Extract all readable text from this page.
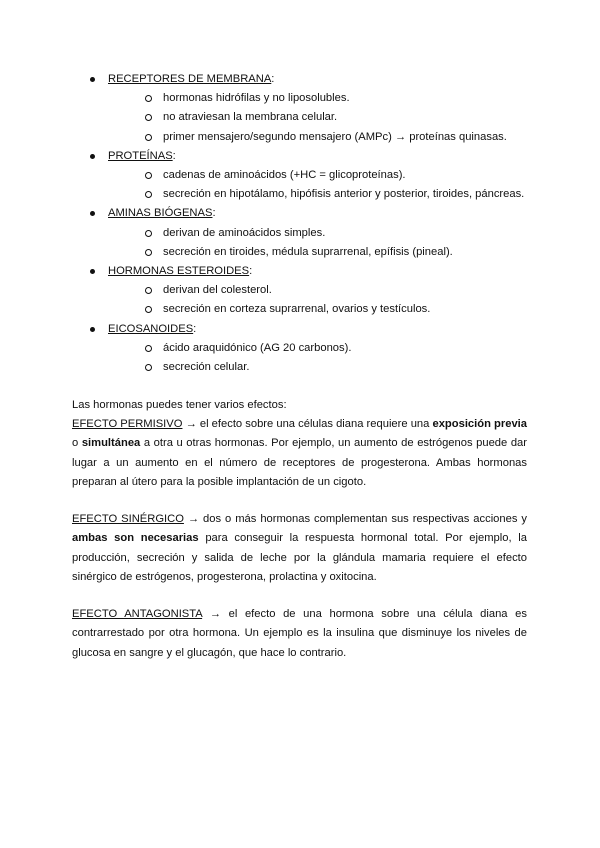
RECEPTORES DE MEMBRANA:
hormonas hidrófilas y no liposolubles.
no atraviesan la membrana celular.
primer mensajero/segundo mensajero (AMPc) → proteínas quinasas.
PROTEÍNAS:
cadenas de aminoácidos (+HC = glicoproteínas).
secreción en hipotálamo, hipófisis anterior y posterior, tiroides, páncreas.
AMINAS BIÓGENAS:
derivan de aminoácidos simples.
secreción en tiroides, médula suprarrenal, epífisis (pineal).
HORMONAS ESTEROIDES:
derivan del colesterol.
secreción en corteza suprarrenal, ovarios y testículos.
EICOSANOIDES:
ácido araquidónico (AG 20 carbonos).
secreción celular.
Las hormonas puedes tener varios efectos:
EFECTO PERMISIVO → el efecto sobre una células diana requiere una exposición previa o simultánea a otra u otras hormonas. Por ejemplo, un aumento de estrógenos puede dar lugar a un aumento en el número de receptores de progesterona. Ambas hormonas preparan al útero para la posible implantación de un cigoto.
EFECTO SINÉRGICO → dos o más hormonas complementan sus respectivas acciones y ambas son necesarias para conseguir la respuesta hormonal total. Por ejemplo, la producción, secreción y salida de leche por la glándula mamaria requiere el efecto sinérgico de estrógenos, progesterona, prolactina y oxitocina.
EFECTO ANTAGONISTA → el efecto de una hormona sobre una célula diana es contrarrestado por otra hormona. Un ejemplo es la insulina que disminuye los niveles de glucosa en sangre y el glucagón, que hace lo contrario.
